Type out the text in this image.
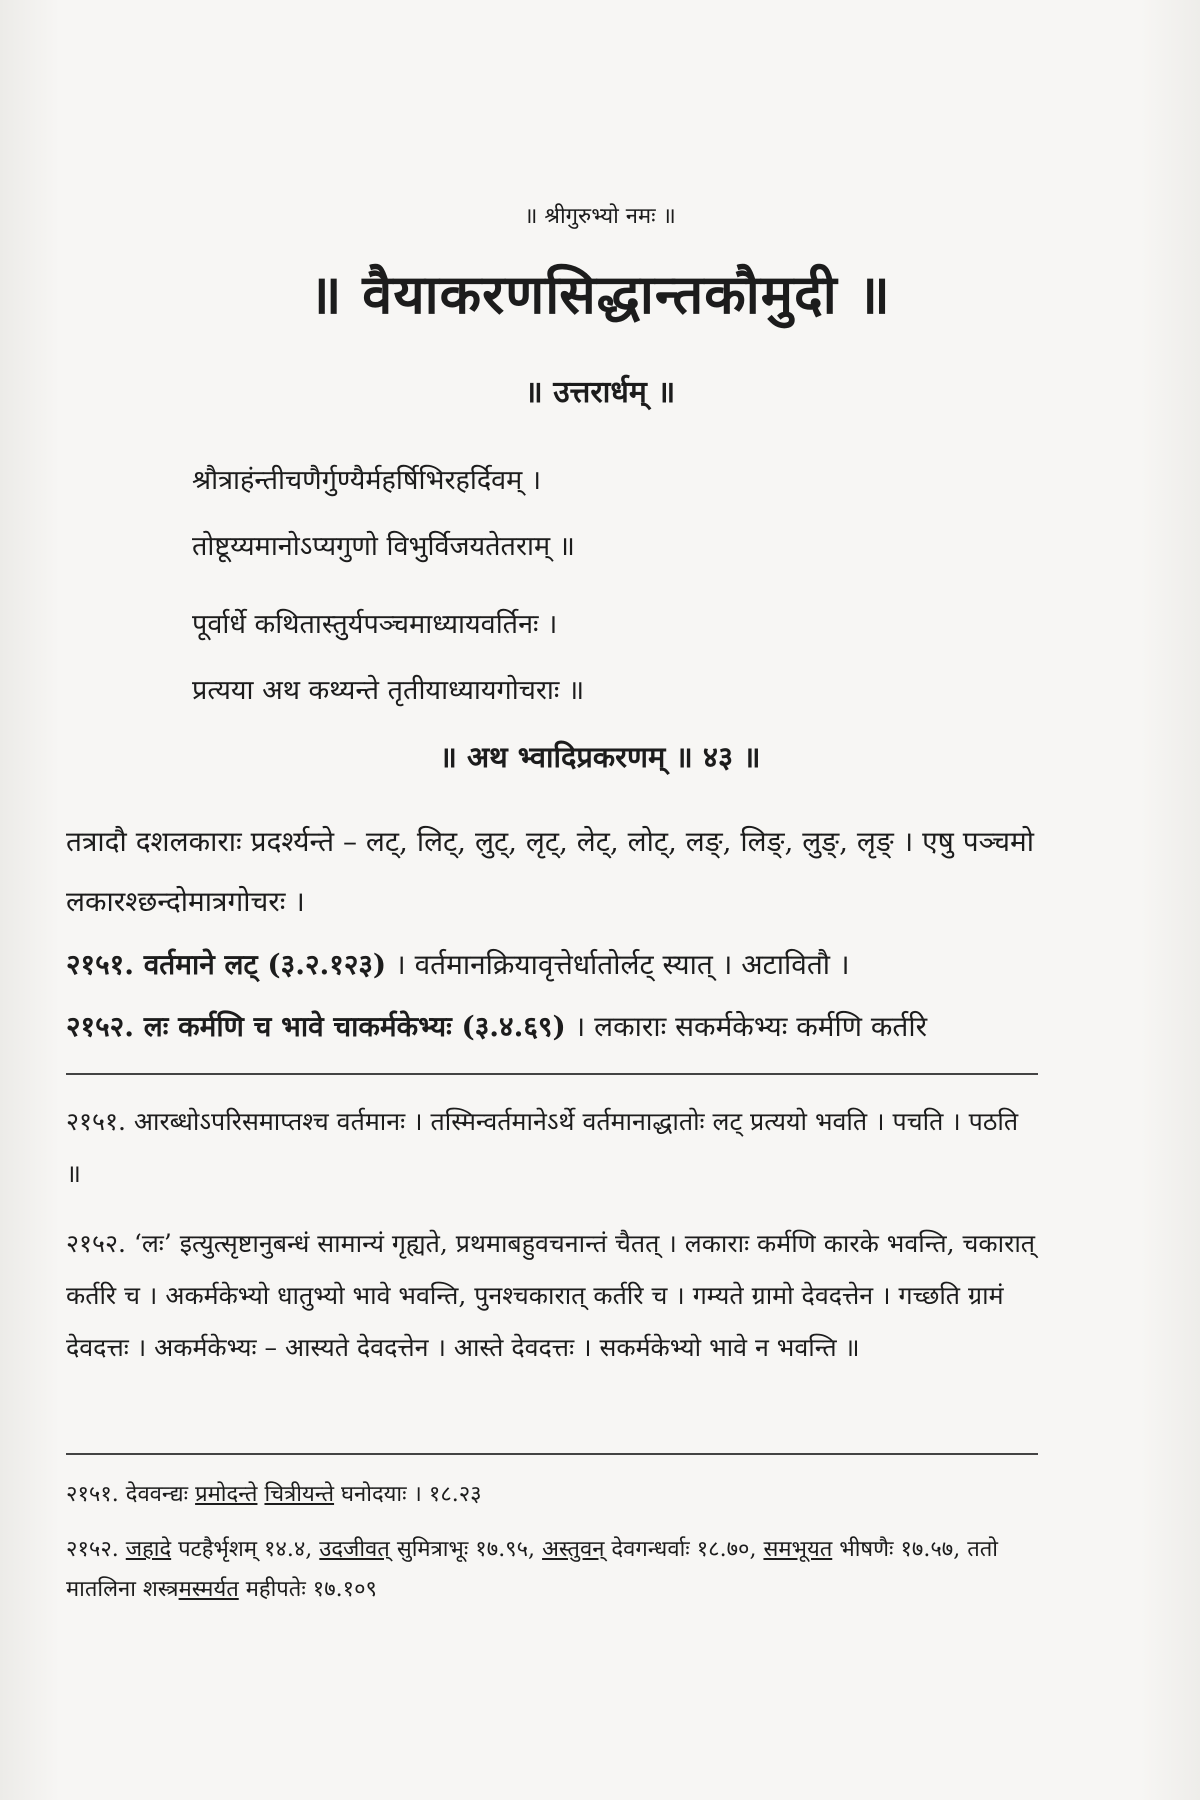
॥ श्रीगुरुभ्यो नमः ॥
॥ वैयाकरणसिद्धान्तकौमुदी ॥
॥ उत्तरार्धम् ॥
श्रौत्राहंन्तीचणैर्गुण्यैर्महर्षिभिरहर्दिवम् ।
तोष्टूय्यमानोऽप्यगुणो विभुर्विजयतेतराम् ॥
पूर्वार्धे कथितास्तुर्यपञ्चमाध्यायवर्तिनः ।
प्रत्यया अथ कथ्यन्ते तृतीयाध्यायगोचराः ॥
॥ अथ भ्वादिप्रकरणम् ॥ ४३ ॥
तत्रादौ दशलकाराः प्रदर्श्यन्ते – लट्, लिट्, लुट्, लृट्, लेट्, लोट्, लङ्, लिङ्, लुङ्, लृङ् । एषु पञ्चमो लकारश्छन्दोमात्रगोचरः ।
२१५१. वर्तमाने लट् (३.२.१२३) । वर्तमानक्रियावृत्तेर्धातोर्लट् स्यात् । अटावितौ ।
२१५२. लः कर्मणि च भावे चाकर्मकेभ्यः (३.४.६९) । लकाराः सकर्मकेभ्यः कर्मणि कर्तरि
२१५१. आरब्धोऽपरिसमाप्तश्च वर्तमानः । तस्मिन्वर्तमानेऽर्थे वर्तमानाद्धातोः लट् प्रत्ययो भवति । पचति । पठति ॥
२१५२. ‘लः’ इत्युत्सृष्टानुबन्धं सामान्यं गृह्यते, प्रथमाबहुवचनान्तं चैतत् । लकाराः कर्मणि कारके भवन्ति, चकारात् कर्तरि च । अकर्मकेभ्यो धातुभ्यो भावे भवन्ति, पुनश्चकारात् कर्तरि च । गम्यते ग्रामो देवदत्तेन । गच्छति ग्रामं देवदत्तः । अकर्मकेभ्यः – आस्यते देवदत्तेन । आस्ते देवदत्तः । सकर्मकेभ्यो भावे न भवन्ति ॥
२१५१. देववन्द्यः प्रमोदन्ते चित्रीयन्ते घनोदयाः । १८.२३
२१५२. जहादे पटहैर्भृशम् १४.४, उदजीवत् सुमित्राभूः १७.९५, अस्तुवन् देवगन्धर्वाः १८.७०, समभूयत भीषणैः १७.५७, ततो मातलिना शस्त्रमस्मर्यत महीपतेः १७.१०९
